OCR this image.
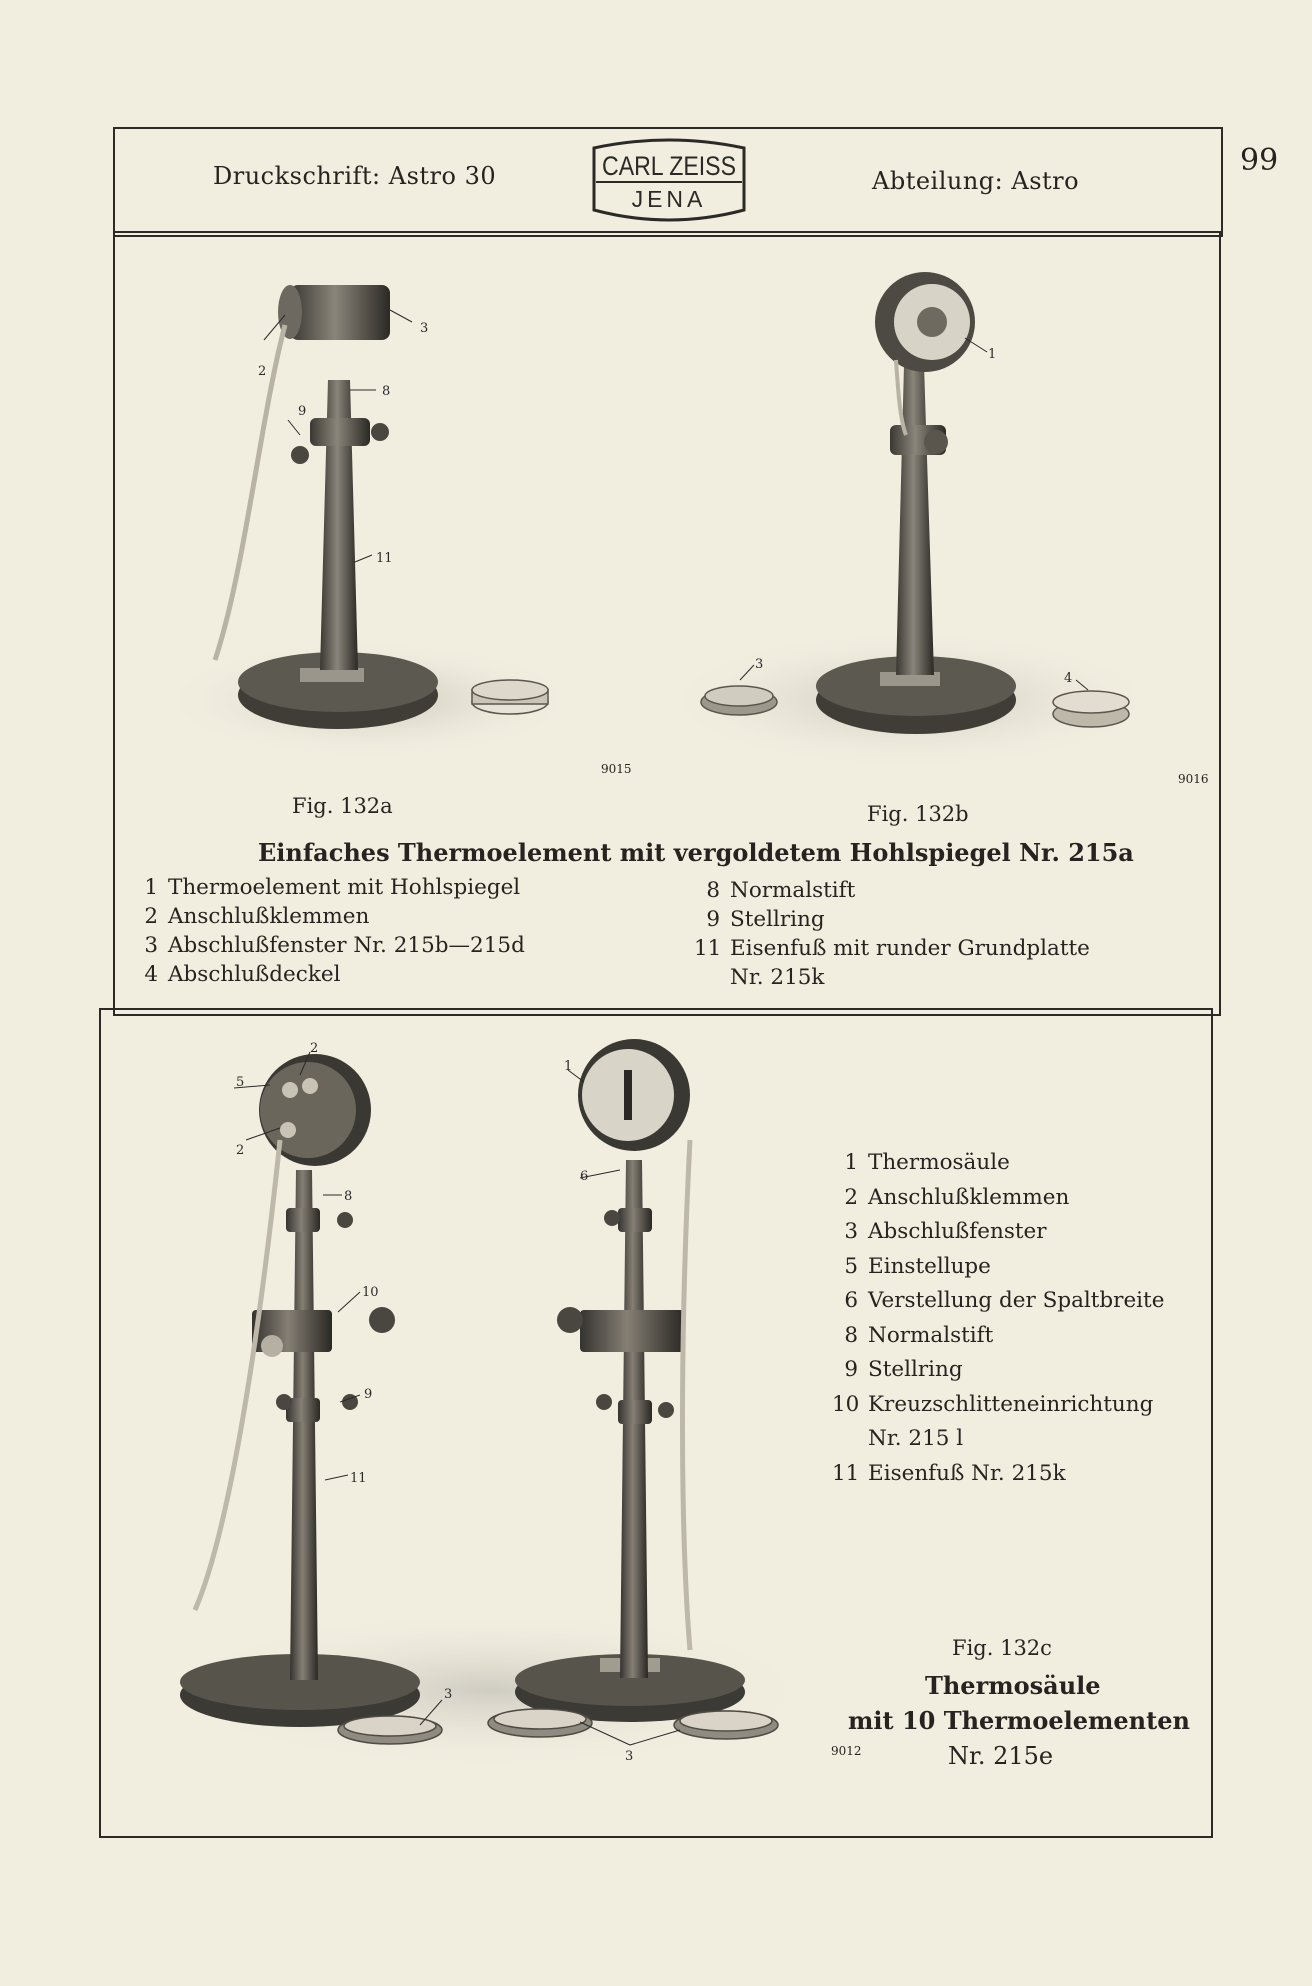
99
Druckschrift: Astro 30	Abteilung: Astro
CARL ZEISS
JENA
2
3
8
9
11
1
3
4
9015
9016
Fig. 132a	Fig. 132b
Einfaches Thermoelement mit vergoldetem Hohlspiegel Nr. 215a
1 Thermoelement mit Hohlspiegel
2 Anschlußklemmen
3 Abschlußfenster Nr. 215b—215d
4 Abschlußdeckel
8 Normalstift
9 Stellring
11 Eisenfuß mit runder Grundplatte
Nr. 215k
5
2
2
8
10
9
11
1
6
3
3
1 Thermosäule
2 Anschlußklemmen
3 Abschlußfenster
5 Einstellupe
6 Verstellung der Spaltbreite
8 Normalstift
9 Stellring
10 Kreuzschlitteneinrichtung
Nr. 215 l
11 Eisenfuß Nr. 215k
Fig. 132c
Thermosäule
mit 10 Thermoelementen
Nr. 215e
9012
